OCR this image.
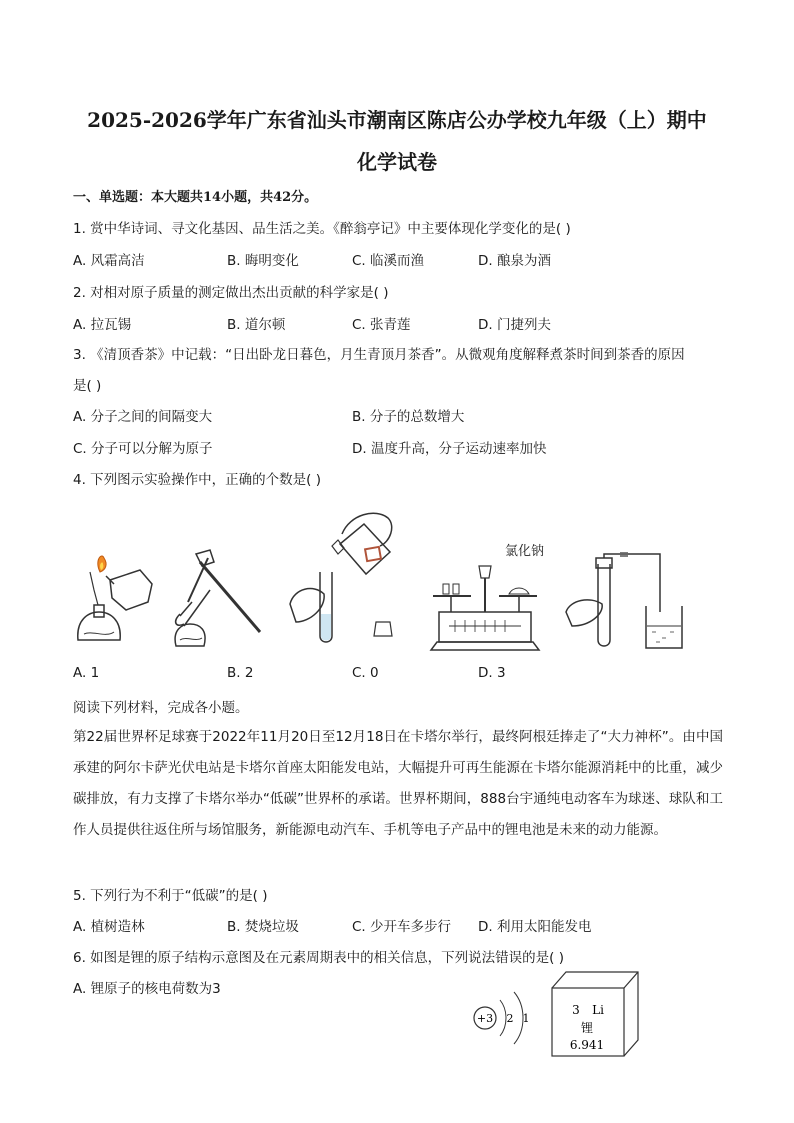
2025-2026学年广东省汕头市潮南区陈店公办学校九年级（上）期中
化学试卷
一、单选题：本大题共14小题，共42分。
1. 赏中华诗词、寻文化基因、品生活之美。《醉翁亭记》中主要体现化学变化的是( )
A. 风霜高洁	B. 晦明变化	C. 临溪而渔	D. 酿泉为酒
2. 对相对原子质量的测定做出杰出贡献的科学家是( )
A. 拉瓦锡	B. 道尔顿	C. 张青莲	D. 门捷列夫
3. 《清顶香茶》中记载：“日出卧龙日暮色，月生青顶月茶香”。从微观角度解释煮茶时间到茶香的原因
是( )
A. 分子之间的间隔变大	B. 分子的总数增大
C. 分子可以分解为原子	D. 温度升高，分子运动速率加快
4. 下列图示实验操作中，正确的个数是( )
氯化钠
A. 1	B. 2	C. 0	D. 3
阅读下列材料，完成各小题。
第22届世界杯足球赛于2022年11月20日至12月18日在卡塔尔举行，最终阿根廷捧走了“大力神杯”。由中国承建的阿尔卡萨光伏电站是卡塔尔首座太阳能发电站，大幅提升可再生能源在卡塔尔能源消耗中的比重，减少碳排放，有力支撑了卡塔尔举办“低碳”世界杯的承诺。世界杯期间，888台宇通纯电动客车为球迷、球队和工作人员提供往返住所与场馆服务，新能源电动汽车、手机等电子产品中的锂电池是未来的动力能源。
5. 下列行为不利于“低碳”的是( )
A. 植树造林	B. 焚烧垃圾	C. 少开车多步行 D. 利用太阳能发电
6. 如图是锂的原子结构示意图及在元素周期表中的相关信息，下列说法错误的是( )
A. 锂原子的核电荷数为3
+3 2 1
3 Li
锂
6.941
